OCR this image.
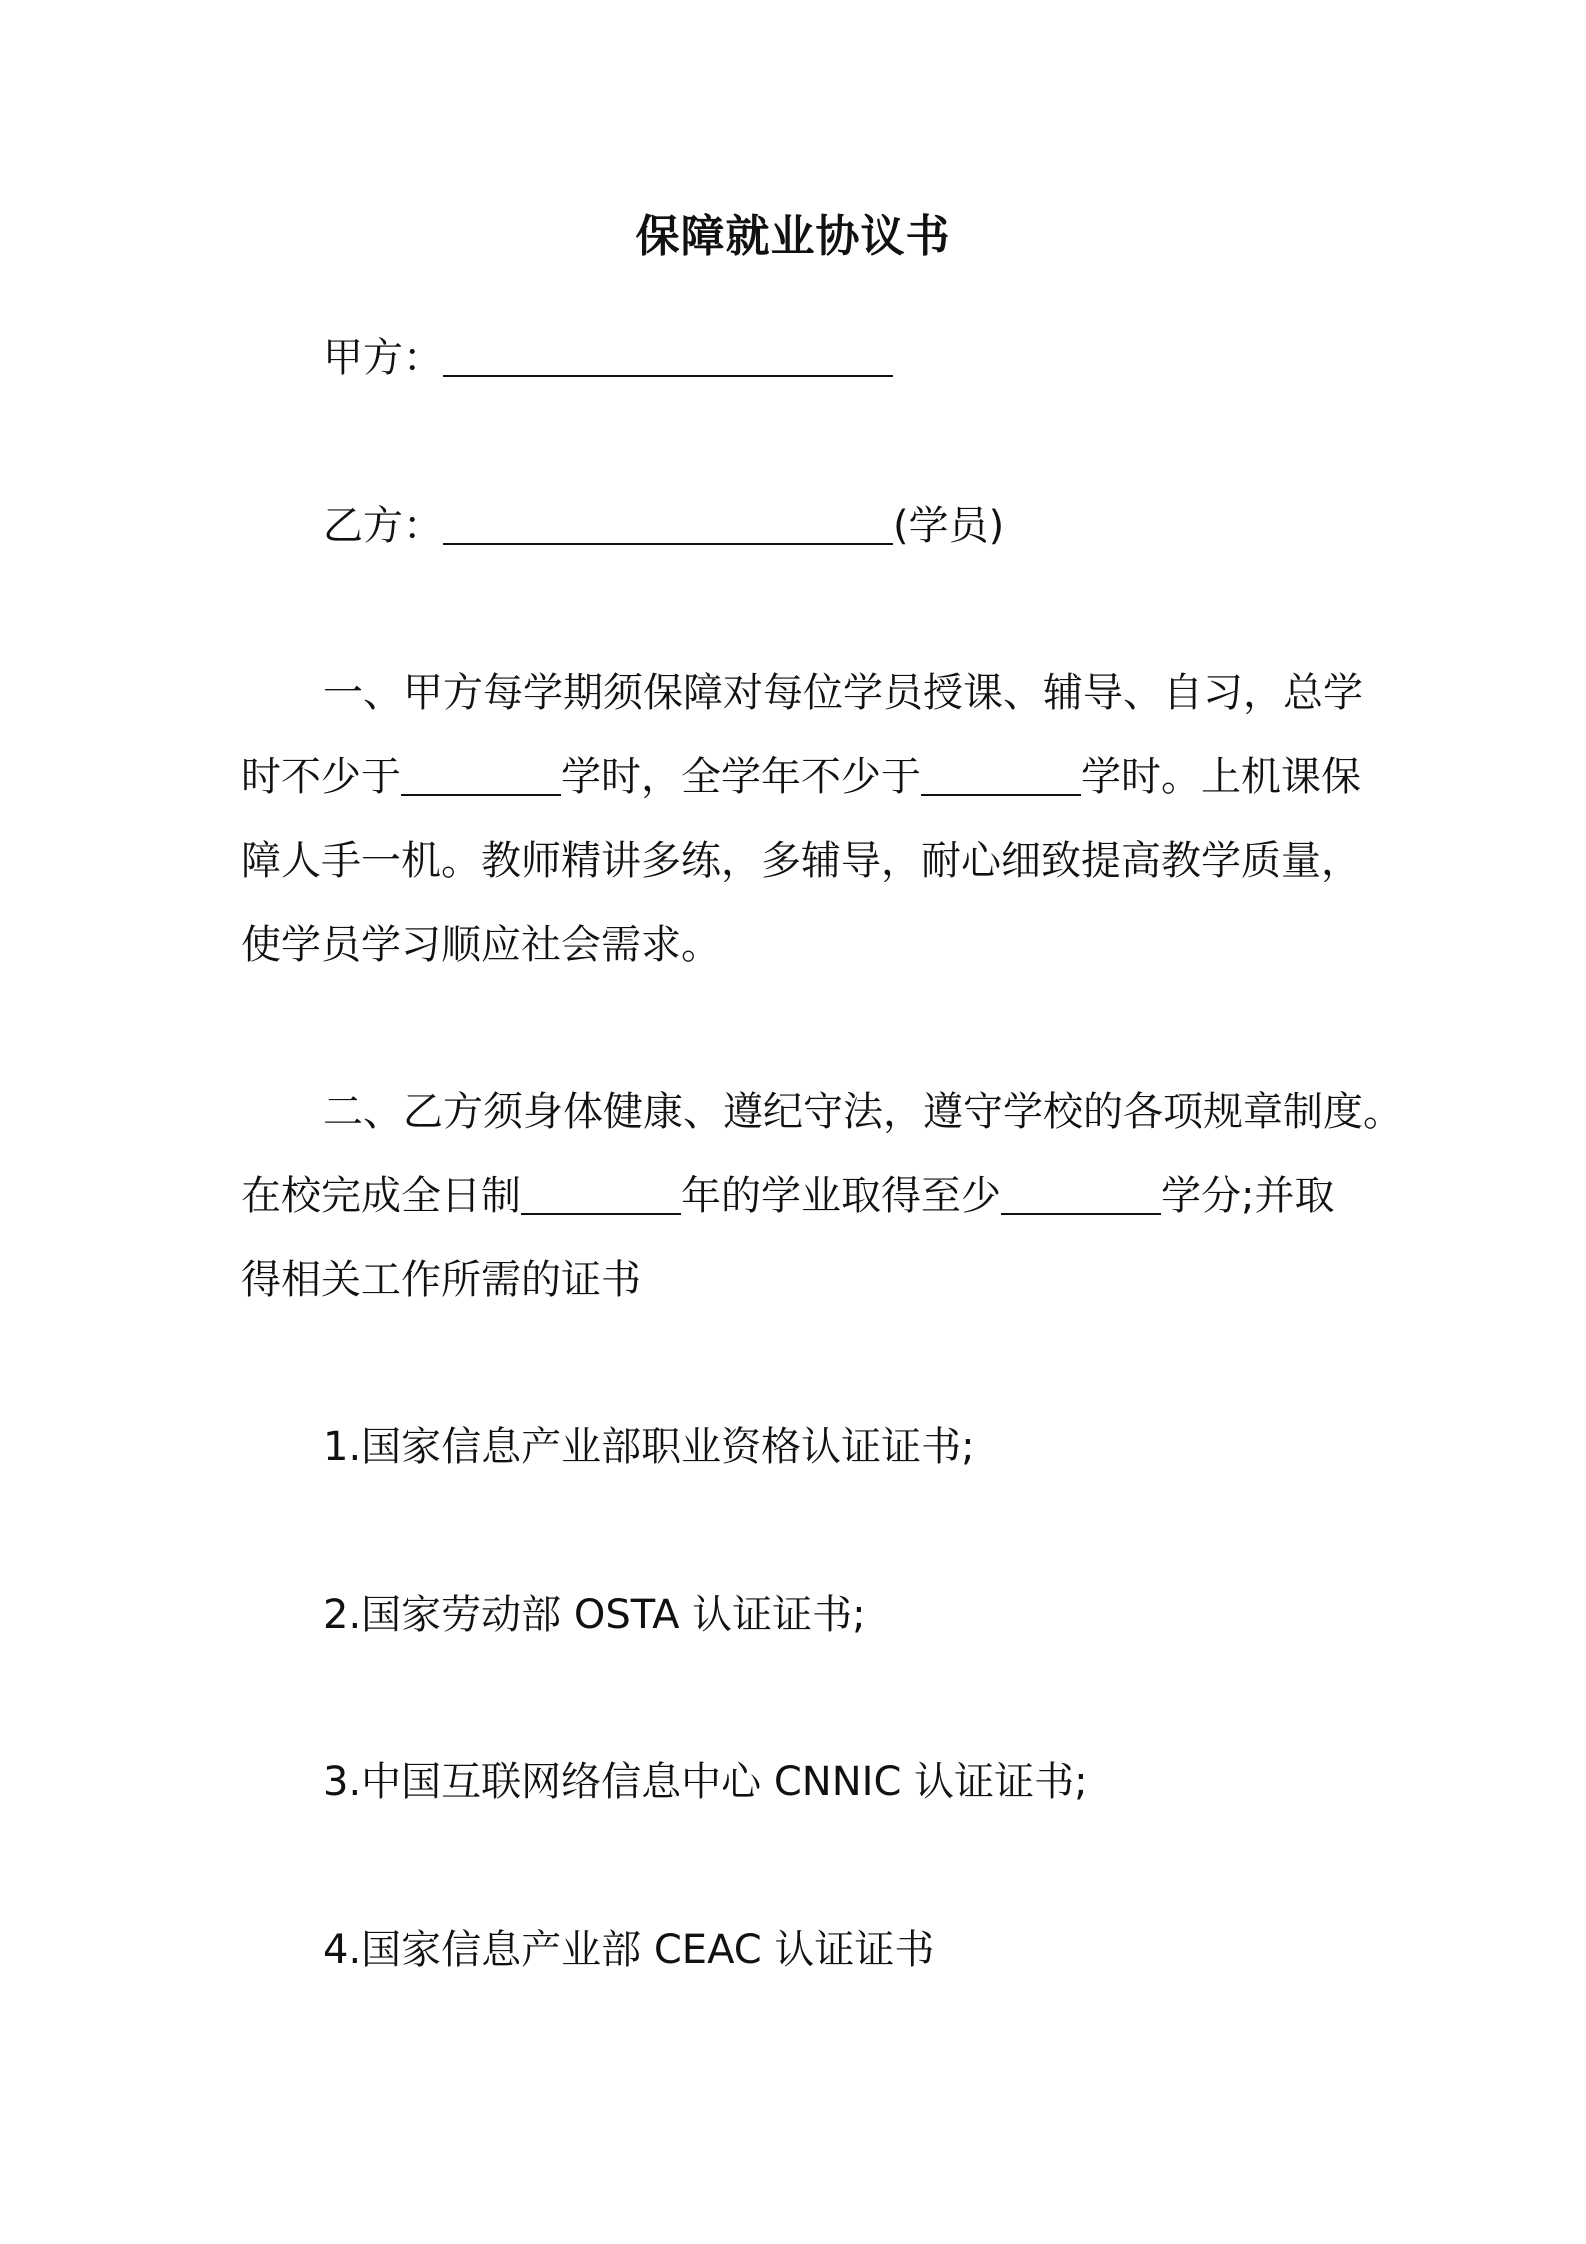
保障就业协议书
甲方：
乙方：	(学员)
一、甲方每学期须保障对每位学员授课、辅导、自习，总学
时不少于	学时，全学年不少于	学时。上机课保
障人手一机。教师精讲多练，多辅导，耐心细致提高教学质量，
使学员学习顺应社会需求。
二、乙方须身体健康、遵纪守法，遵守学校的各项规章制度。
在校完成全日制	年的学业取得至少	学分;并取
得相关工作所需的证书
1.国家信息产业部职业资格认证证书;
2.国家劳动部 OSTA 认证证书;
3.中国互联网络信息中心 CNNIC 认证证书;
4.国家信息产业部 CEAC 认证证书
